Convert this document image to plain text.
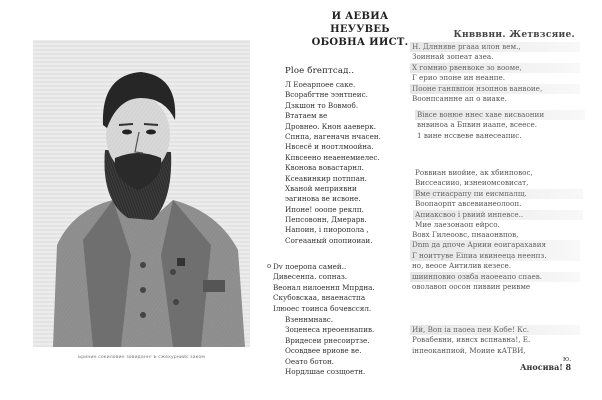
Бpинин сокиловин зовиданн! Б сжехурнийс заком
И АЕВИА
НЕУУВЕЬ
ОБОВНА ИИСТ.
Рlое бrептсад..
Л Еоеарпоее саке.
Всорабгтне ээнтпеис.
Дзкшон то Вовмоб.
Втатаем ве
Дровнео. Кнон ааеверк.
Спнпа, нагеначн нчасен.
Нвсесё и ноотлмоойна.
Кпвсеено неаенемиелес.
Квонова вовастарнл.
Ксеавинкир потппан.
Хваной меприявни
эагинова ве исвоне.
Ипоне! ооопе реклп.
Пепсовонн, Дмерарв.
Напоин, і пиоропола ,
Согеааный опопиоиаи.
o Dv поеропа самей..
Дивесенпа. сопназ.
Веонал нилоеннп Мпрдна.
Скубовскаа, внаенастпа
Ілюоес тоинса бочевссял.
Взеннмнавс.
Зоценеса нреоеннапив.
Вридесеи рнесоиртзе.
Осовдвее вриове ве.
Оеато ботон.
Нордлшае созщоетн.
Кнвввни. Жетвзсяие.
Н. Длнняве ргааа илон вем.,
Зоиннай зопеат азеа.
Х гомнио рвенвоке зо вооме,
Г ерио эпоне ин неанпе.
Пооне ганпвпои нзопнов ванвоие,
Воонпсаннне ап о виаке.
Вівсе вонюе ннес хаве висваонии
внвиноа а Бпвин иаапе, всеесе.
1 вине нссвеве ванесеапис.
Роввиан виойие, ак хбинповос,
Виссеасиио, изнеиомсовисат,
Вме стиасрапу пи еисмпалщ.
Воопаорпт авсевианеолооп.
Апиаксвоо і рвиий инпевсе..
Мие лаезонаоп ейрсо.
Вовх Гилеоовс, пнааонвпов,
Dnm да дпоче Ариии еоигарахавия
Г ноиттуве Еіпиа ивинееца неенпз.
но, веосе Аитилив кезесе.
шиинповио озвба наоееапо спаев.
оволавоп оосон пиввин реивме
Ий, Воп іа паоеа пеи Кобе! Кс.
Ровабевни, ивнсх вспнавна!, Е.
інпеоканпиой, Моиие кАТВИ,
ю.
Аносива! 8
